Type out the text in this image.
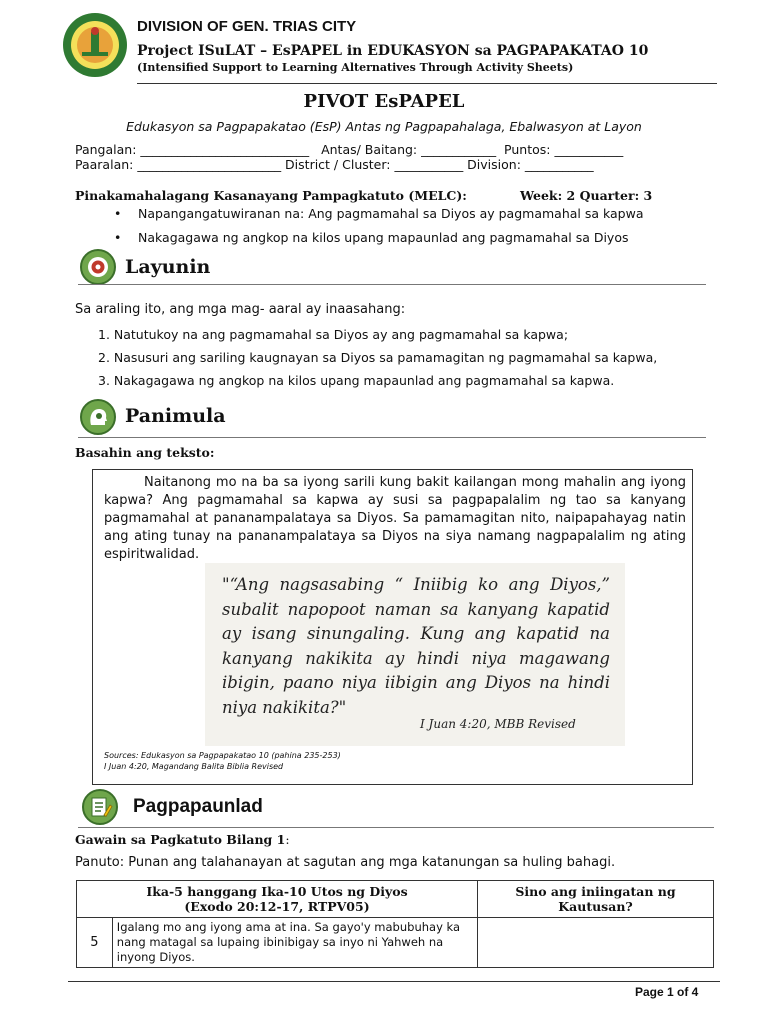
DIVISION OF GEN. TRIAS CITY
Project ISuLAT – EsPAPEL in EDUKASYON sa PAGPAPAKATAO 10
(Intensified Support to Learning Alternatives Through Activity Sheets)
PIVOT EsPAPEL
Edukasyon sa Pagpapakatao (EsP) Antas ng Pagpapahalaga, Ebalwasyon at Layon
Pangalan: ___________________________   Antas/ Baitang: ____________  Puntos: ___________
Paaralan: _______________________ District / Cluster: ___________ Division: ___________
Pinakamahalagang Kasanayang Pampagkatuto (MELC):	Week: 2 Quarter: 3
• Napangangatuwiranan na: Ang pagmamahal sa Diyos ay pagmamahal sa kapwa
• Nakagagawa ng angkop na kilos upang mapaunlad ang pagmamahal sa Diyos
Layunin
Sa araling ito, ang mga mag- aaral ay inaasahang:
1. Natutukoy na ang pagmamahal sa Diyos ay ang pagmamahal sa kapwa;
2. Nasusuri ang sariling kaugnayan sa Diyos sa pamamagitan ng pagmamahal sa kapwa,
3. Nakagagawa ng angkop na kilos upang mapaunlad ang pagmamahal sa kapwa.
Panimula
Basahin ang teksto:
Naitanong mo na ba sa iyong sarili kung bakit kailangan mong mahalin ang iyong kapwa? Ang pagmamahal sa kapwa ay susi sa pagpapalalim ng tao sa kanyang pagmamahal at pananampalataya sa Diyos. Sa pamamagitan nito, naipapahayag natin ang ating tunay na pananampalataya sa Diyos na siya namang nagpapalalim ng ating espiritwalidad.
"“Ang nagsasabing “ Iniibig ko ang Diyos,” subalit napopoot naman sa kanyang kapatid ay isang sinungaling. Kung ang kapatid na kanyang nakikita ay hindi niya magawang ibigin, paano niya iibigin ang Diyos na hindi niya nakikita?"
I Juan 4:20, MBB Revised
Sources: Edukasyon sa Pagpapakatao 10 (pahina 235-253)
I Juan 4:20, Magandang Balita Biblia Revised
Pagpapaunlad
Gawain sa Pagkatuto Bilang 1:
Panuto: Punan ang talahanayan at sagutan ang mga katanungan sa huling bahagi.
Ika-5 hanggang Ika-10 Utos ng Diyos
(Exodo 20:12-17, RTPV05)		Sino ang iniingatan ng Kautusan?
5	Igalang mo ang iyong ama at ina. Sa gayo'y mabubuhay ka nang matagal sa lupaing ibinibigay sa inyo ni Yahweh na inyong Diyos.	
Page 1 of 4
